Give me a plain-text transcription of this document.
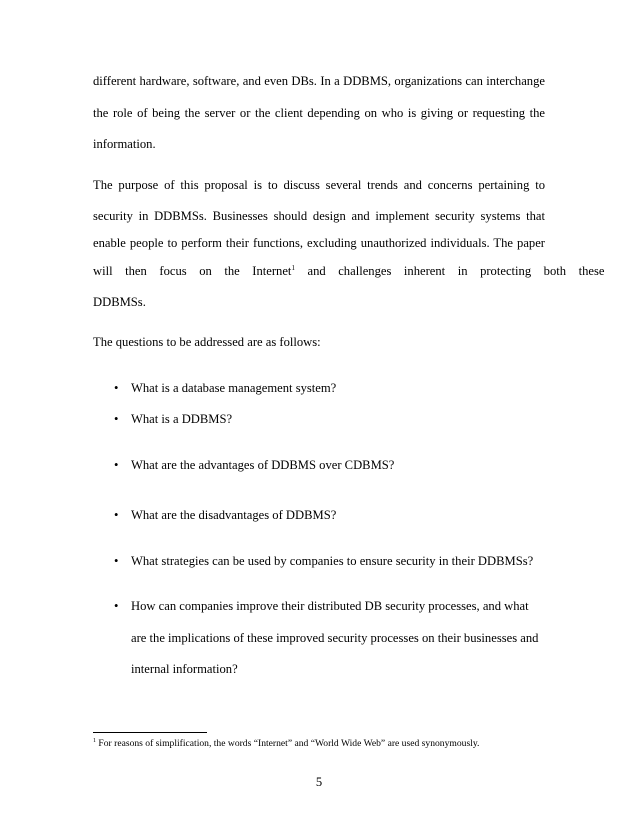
different hardware, software, and even DBs. In a DDBMS, organizations can interchange
the role of being the server or the client depending on who is giving or requesting the
information.
The purpose of this proposal is to discuss several trends and concerns pertaining to
security in DDBMSs. Businesses should design and implement security systems that
enable people to perform their functions, excluding unauthorized individuals. The paper
will then focus on the Internet$^1$ and challenges inherent in protecting both these
DDBMSs.
The questions to be addressed are as follows:
• What is a database management system?
• What is a DDBMS?
• What are the advantages of DDBMS over CDBMS?
• What are the disadvantages of DDBMS?
• What strategies can be used by companies to ensure security in their DDBMSs?
• How can companies improve their distributed DB security processes, and what
are the implications of these improved security processes on their businesses and
internal information?
$^1$ For reasons of simplification, the words “Internet” and “World Wide Web” are used synonymously.
5
